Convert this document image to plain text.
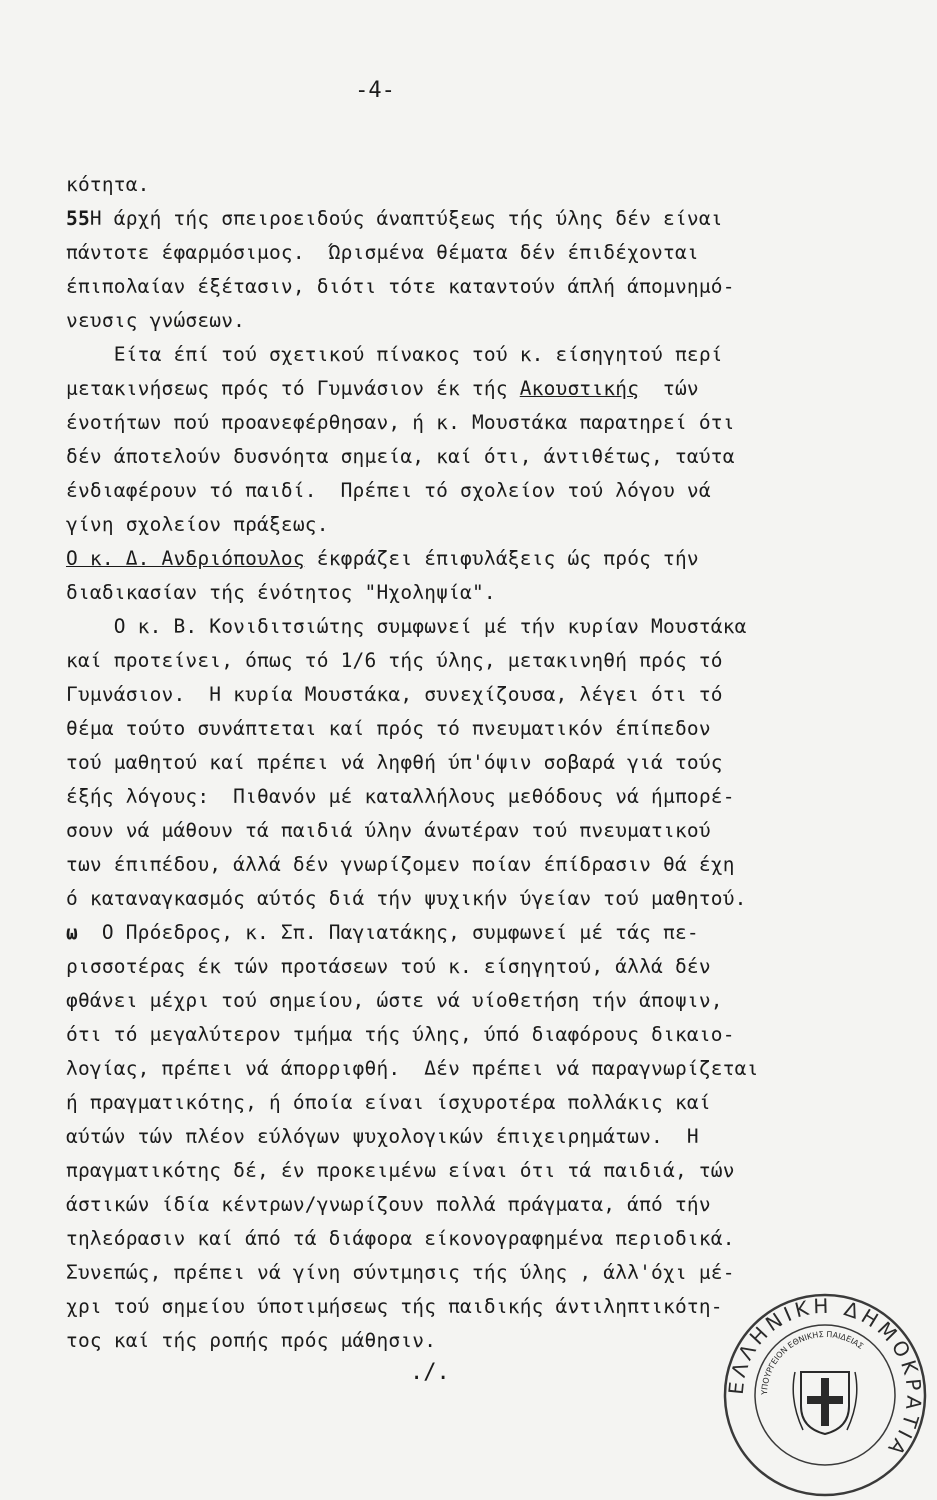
-4-
κότητα.
55Η άρχή τής σπειροειδούς άναπτύξεως τής ύλης δέν είναι
πάντοτε έφαρμόσιμος.  Ώρισμένα θέματα δέν έπιδέχονται
έπιπολαίαν έξέτασιν, διότι τότε καταντούν άπλή άπομνημό-
νευσις γνώσεων.
Είτα έπί τού σχετικού πίνακος τού κ. είσηγητού περί
μετακινήσεως πρός τό Γυμνάσιον έκ τής Ακουστικής  τών
ένοτήτων πού προανεφέρθησαν, ή κ. Μουστάκα παρατηρεί ότι
δέν άποτελούν δυσνόητα σημεία, καί ότι, άντιθέτως, ταύτα
ένδιαφέρουν τό παιδί.  Πρέπει τό σχολείον τού λόγου νά
γίνη σχολείον πράξεως.
Ο κ. Δ. Ανδριόπουλος έκφράζει έπιφυλάξεις ώς πρός τήν
διαδικασίαν τής ένότητος "Ηχοληψία".
Ο κ. Β. Κονιδιτσιώτης συμφωνεί μέ τήν κυρίαν Μουστάκα
καί προτείνει, όπως τό 1/6 τής ύλης, μετακινηθή πρός τό
Γυμνάσιον.  Η κυρία Μουστάκα, συνεχίζουσα, λέγει ότι τό
θέμα τούτο συνάπτεται καί πρός τό πνευματικόν έπίπεδον
τού μαθητού καί πρέπει νά ληφθή ύπ'όψιν σοβαρά γιά τούς
έξής λόγους:  Πιθανόν μέ καταλλήλους μεθόδους νά ήμπορέ-
σουν νά μάθουν τά παιδιά ύλην άνωτέραν τού πνευματικού
των έπιπέδου, άλλά δέν γνωρίζομεν ποίαν έπίδρασιν θά έχη
ό καταναγκασμός αύτός διά τήν ψυχικήν ύγείαν τού μαθητού.
ω  Ο Πρόεδρος, κ. Σπ. Παγιατάκης, συμφωνεί μέ τάς πε-
ρισσοτέρας έκ τών προτάσεων τού κ. είσηγητού, άλλά δέν
φθάνει μέχρι τού σημείου, ώστε νά υίοθετήση τήν άποψιν,
ότι τό μεγαλύτερον τμήμα τής ύλης, ύπό διαφόρους δικαιο-
λογίας, πρέπει νά άπορριφθή.  Δέν πρέπει νά παραγνωρίζεται
ή πραγματικότης, ή όποία είναι ίσχυροτέρα πολλάκις καί
αύτών τών πλέον εύλόγων ψυχολογικών έπιχειρημάτων.  Η
πραγματικότης δέ, έν προκειμένω είναι ότι τά παιδιά, τών
άστικών ίδία κέντρων/γνωρίζουν πολλά πράγματα, άπό τήν
τηλεόρασιν καί άπό τά διάφορα είκονογραφημένα περιοδικά.
Συνεπώς, πρέπει νά γίνη σύντμησις τής ύλης , άλλ'όχι μέ-
χρι τού σημείου ύποτιμήσεως τής παιδικής άντιληπτικότη-
τος καί τής ροπής πρός μάθησιν.
./.
ΕΛΛΗΝΙΚΗ ΔΗΜΟΚΡΑΤΙΑ
ΥΠΟΥΡΓΕΙΟΝ ΕΘΝΙΚΗΣ ΠΑΙΔΕΙΑΣ
